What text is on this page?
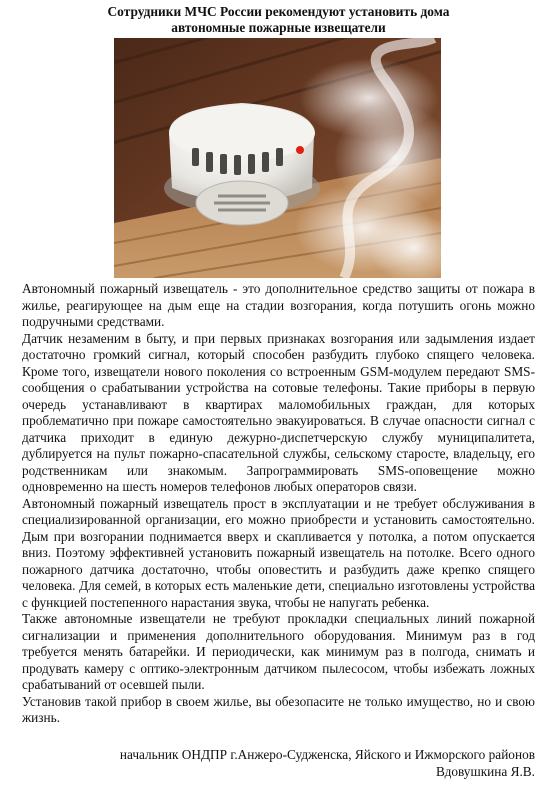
Сотрудники МЧС России рекомендуют установить дома
автономные пожарные извещатели

Автономный пожарный извещатель - это дополнительное средство защиты от пожара в жилье, реагирующее на дым еще на стадии возгорания, когда потушить огонь можно подручными средствами.

Датчик незаменим в быту, и при первых признаках возгорания или задымления издает достаточно громкий сигнал, который способен разбудить глубоко спящего человека. Кроме того, извещатели нового поколения со встроенным GSM-модулем передают SMS-сообщения о срабатывании устройства на сотовые телефоны. Такие приборы в первую очередь устанавливают в квартирах маломобильных граждан, для которых проблематично при пожаре самостоятельно эвакуироваться. В случае опасности сигнал с датчика приходит в единую дежурно-диспетчерскую службу муниципалитета, дублируется на пульт пожарно-спасательной службы, сельскому старосте, владельцу, его родственникам или знакомым. Запрограммировать SMS-оповещение можно одновременно на шесть номеров телефонов любых операторов связи.

Автономный пожарный извещатель прост в эксплуатации и не требует обслуживания в специализированной организации, его можно приобрести и установить самостоятельно. Дым при возгорании поднимается вверх и скапливается у потолка, а потом опускается вниз. Поэтому эффективней установить пожарный извещатель на потолке. Всего одного пожарного датчика достаточно, чтобы оповестить и разбудить даже крепко спящего человека. Для семей, в которых есть маленькие дети, специально изготовлены устройства с функцией постепенного нарастания звука, чтобы не напугать ребенка.

Также автономные извещатели не требуют прокладки специальных линий пожарной сигнализации и применения дополнительного оборудования. Минимум раз в год требуется менять батарейки. И периодически, как минимум раз в полгода, снимать и продувать камеру с оптико-электронным датчиком пылесосом, чтобы избежать ложных срабатываний от осевшей пыли.

Установив такой прибор в своем жилье, вы обезопасите не только имущество, но и свою жизнь.

начальник ОНДПР г.Анжеро-Судженска, Яйского и Ижморского районов

Вдовушкина Я.В.
